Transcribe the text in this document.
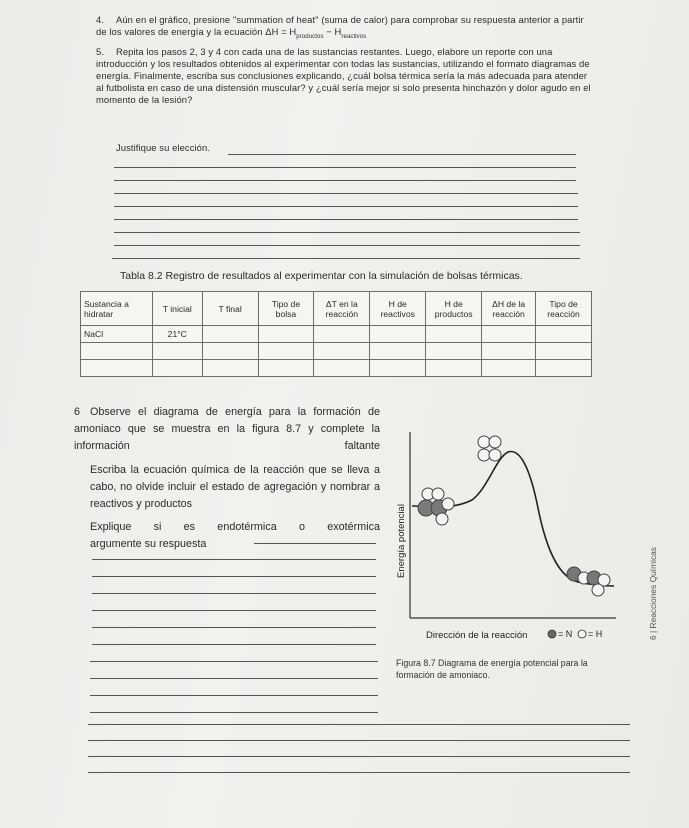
4. Aún en el gráfico, presione "summation of heat" (suma de calor) para comprobar su respuesta anterior a partir de los valores de energía y la ecuación $\Delta H = H_{productos} - H_{reactivos}$
5. Repita los pasos 2, 3 y 4 con cada una de las sustancias restantes. Luego, elabore un reporte con una introducción y los resultados obtenidos al experimentar con todas las sustancias, utilizando el formato diagramas de energía. Finalmente, escriba sus conclusiones explicando, ¿cuál bolsa térmica sería la más adecuada para atender al futbolista en caso de una distensión muscular? y ¿cuál sería mejor si solo presenta hinchazón y dolor agudo en el momento de la lesión?
Justifique su elección.
Tabla 8.2 Registro de resultados al experimentar con la simulación de bolsas térmicas.
Sustancia a hidratar	T inicial	T final	Tipo de bolsa	ΔT en la reacción	H de reactivos	H de productos	ΔH de la reacción	Tipo de reacción
NaCl	21°C							

6 Observe el diagrama de energía para la formación de amoniaco que se muestra en la figura 8.7 y complete la información faltante
Escriba la ecuación química de la reacción que se lleva a cabo, no olvide incluir el estado de agregación y nombrar a reactivos y productos
Explique si es endotérmica o exotérmica
argumente su respuesta	Energía potencial
·
Dirección de la reacción	= N = H
Figura 8.7 Diagrama de energía potencial para la formación de amoniaco.
6 | Reacciones Químicas
